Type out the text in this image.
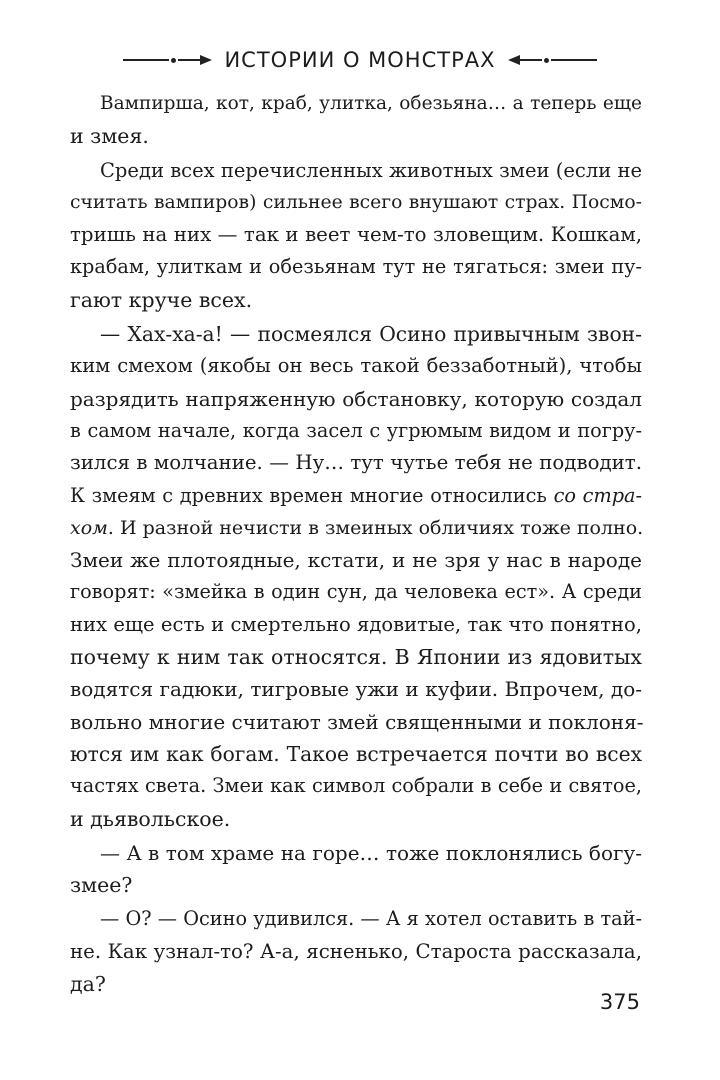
ИСТОРИИ О МОНСТРАХ
Вампирша, кот, краб, улитка, обезьяна… а теперь еще
и змея.
Среди всех перечисленных животных змеи (если не
считать вампиров) сильнее всего внушают страх. Посмо-
тришь на них — так и веет чем-то зловещим. Кошкам,
крабам, улиткам и обезьянам тут не тягаться: змеи пу-
гают круче всех.
— Хах-ха-а! — посмеялся Осино привычным звон-
ким смехом (якобы он весь такой беззаботный), чтобы
разрядить напряженную обстановку, которую создал
в самом начале, когда засел с угрюмым видом и погру-
зился в молчание. — Ну… тут чутье тебя не подводит.
К змеям с древних времен многие относились со стра-
хом. И разной нечисти в змеиных обличиях тоже полно.
Змеи же плотоядные, кстати, и не зря у нас в народе
говорят: «змейка в один сун, да человека ест». А среди
них еще есть и смертельно ядовитые, так что понятно,
почему к ним так относятся. В Японии из ядовитых
водятся гадюки, тигровые ужи и куфии. Впрочем, до-
вольно многие считают змей священными и поклоня-
ются им как богам. Такое встречается почти во всех
частях света. Змеи как символ собрали в себе и святое,
и дьявольское.
— А в том храме на горе… тоже поклонялись богу-
змее?
— О? — Осино удивился. — А я хотел оставить в тай-
не. Как узнал-то? А-а, ясненько, Староста рассказала,
да?
375
